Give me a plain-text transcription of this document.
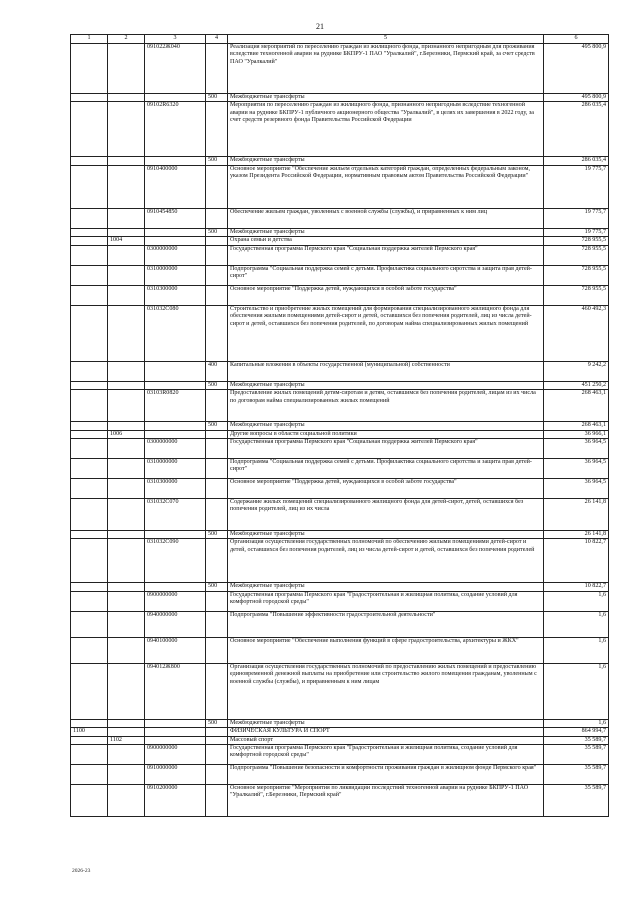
21
1	2	3	4	5	6
		091022Ж040		Реализация мероприятий по переселению граждан из жилищного фонда, признанного непригодным для проживания вследствие техногенной аварии на руднике БКПРУ-1 ПАО "Уралкалий", г.Березники, Пермский край, за счет средств ПАО "Уралкалий"	495 800,9
			500	Межбюджетные трансферты	495 800,9
		09102R6320		Мероприятия по переселению граждан из жилищного фонда, признанного непригодным вследствие техногенной аварии на руднике БКПРУ-1 публичного акционерного общества "Уралкалий", в целях их завершения в 2022 году, за счет средств резервного фонда Правительства Российской Федерации	286 035,4
			500	Межбюджетные трансферты	286 035,4
		0910400000		Основное мероприятие "Обеспечение жильем отдельных категорий граждан, определенных федеральным законом, указом Президента Российской Федерации, нормативным правовым актом Правительства Российской Федерации"	19 775,7
		0910454850		Обеспечение жильем граждан, уволенных с военной службы (службы), и приравненных к ним лиц	19 775,7
			500	Межбюджетные трансферты	19 775,7
	1004			Охрана семьи и детства	728 955,5
		0300000000		Государственная программа Пермского края "Социальная поддержка жителей Пермского края"	728 955,5
		0310000000		Подпрограмма "Социальная поддержка семей с детьми. Профилактика социального сиротства и защита прав детей-сирот"	728 955,5
		0310300000		Основное мероприятие "Поддержка детей, нуждающихся в особой заботе государства"	728 955,5
		031032С080		Строительство и приобретение жилых помещений для формирования специализированного жилищного фонда для обеспечения жилыми помещениями детей-сирот и детей, оставшихся без попечения родителей, лиц из числа детей-сирот и детей, оставшихся без попечения родителей, по договорам найма специализированных жилых помещений	460 492,3
			400	Капитальные вложения в объекты государственной (муниципальной) собственности	9 242,2
			500	Межбюджетные трансферты	451 250,2
		03103R0820		Предоставление жилых помещений детям-сиротам и детям, оставшимся без попечения родителей, лицам из их числа по договорам найма специализированных жилых помещений	268 463,1
			500	Межбюджетные трансферты	268 463,1
	1006			Другие вопросы в области социальной политики	36 966,1
		0300000000		Государственная программа Пермского края "Социальная поддержка жителей Пермского края"	36 964,5
		0310000000		Подпрограмма "Социальная поддержка семей с детьми. Профилактика социального сиротства и защита прав детей-сирот"	36 964,5
		0310300000		Основное мероприятие "Поддержка детей, нуждающихся в особой заботе государства"	36 964,5
		031032С070		Содержание жилых помещений специализированного жилищного фонда для детей-сирот, детей, оставшихся без попечения родителей, лиц из их числа	26 141,8
			500	Межбюджетные трансферты	26 141,8
		031032С090		Организация осуществления государственных полномочий по обеспечению жилыми помещениями детей-сирот и детей, оставшихся без попечения родителей, лиц из числа детей-сирот и детей, оставшихся без попечения родителей	10 822,7
			500	Межбюджетные трансферты	10 822,7
		0900000000		Государственная программа Пермского края "Градостроительная и жилищная политика, создание условий для комфортной городской среды"	1,6
		0940000000		Подпрограмма "Повышение эффективности градостроительной деятельности"	1,6
		0940100000		Основное мероприятие "Обеспечение выполнения функций в сфере градостроительства, архитектуры и ЖКХ"	1,6
		094012Ж800		Организация осуществления государственных полномочий по предоставлению жилых помещений и предоставлению единовременной денежной выплаты на приобретение или строительство жилого помещения гражданам, уволенным с военной службы (службы), и приравненным к ним лицам	1,6
			500	Межбюджетные трансферты	1,6
1100				ФИЗИЧЕСКАЯ КУЛЬТУРА И СПОРТ	864 994,7
	1102			Массовый спорт	35 589,7
		0900000000		Государственная программа Пермского края "Градостроительная и жилищная политика, создание условий для комфортной городской среды"	35 589,7
		0910000000		Подпрограмма "Повышение безопасности и комфортности проживания граждан в жилищном фонде Пермского края"	35 589,7
		0910200000		Основное мероприятие "Мероприятия по ликвидации последствий техногенной аварии на руднике БКПРУ-1 ПАО "Уралкалий", г.Березники, Пермский край"	35 589,7
2026-23
